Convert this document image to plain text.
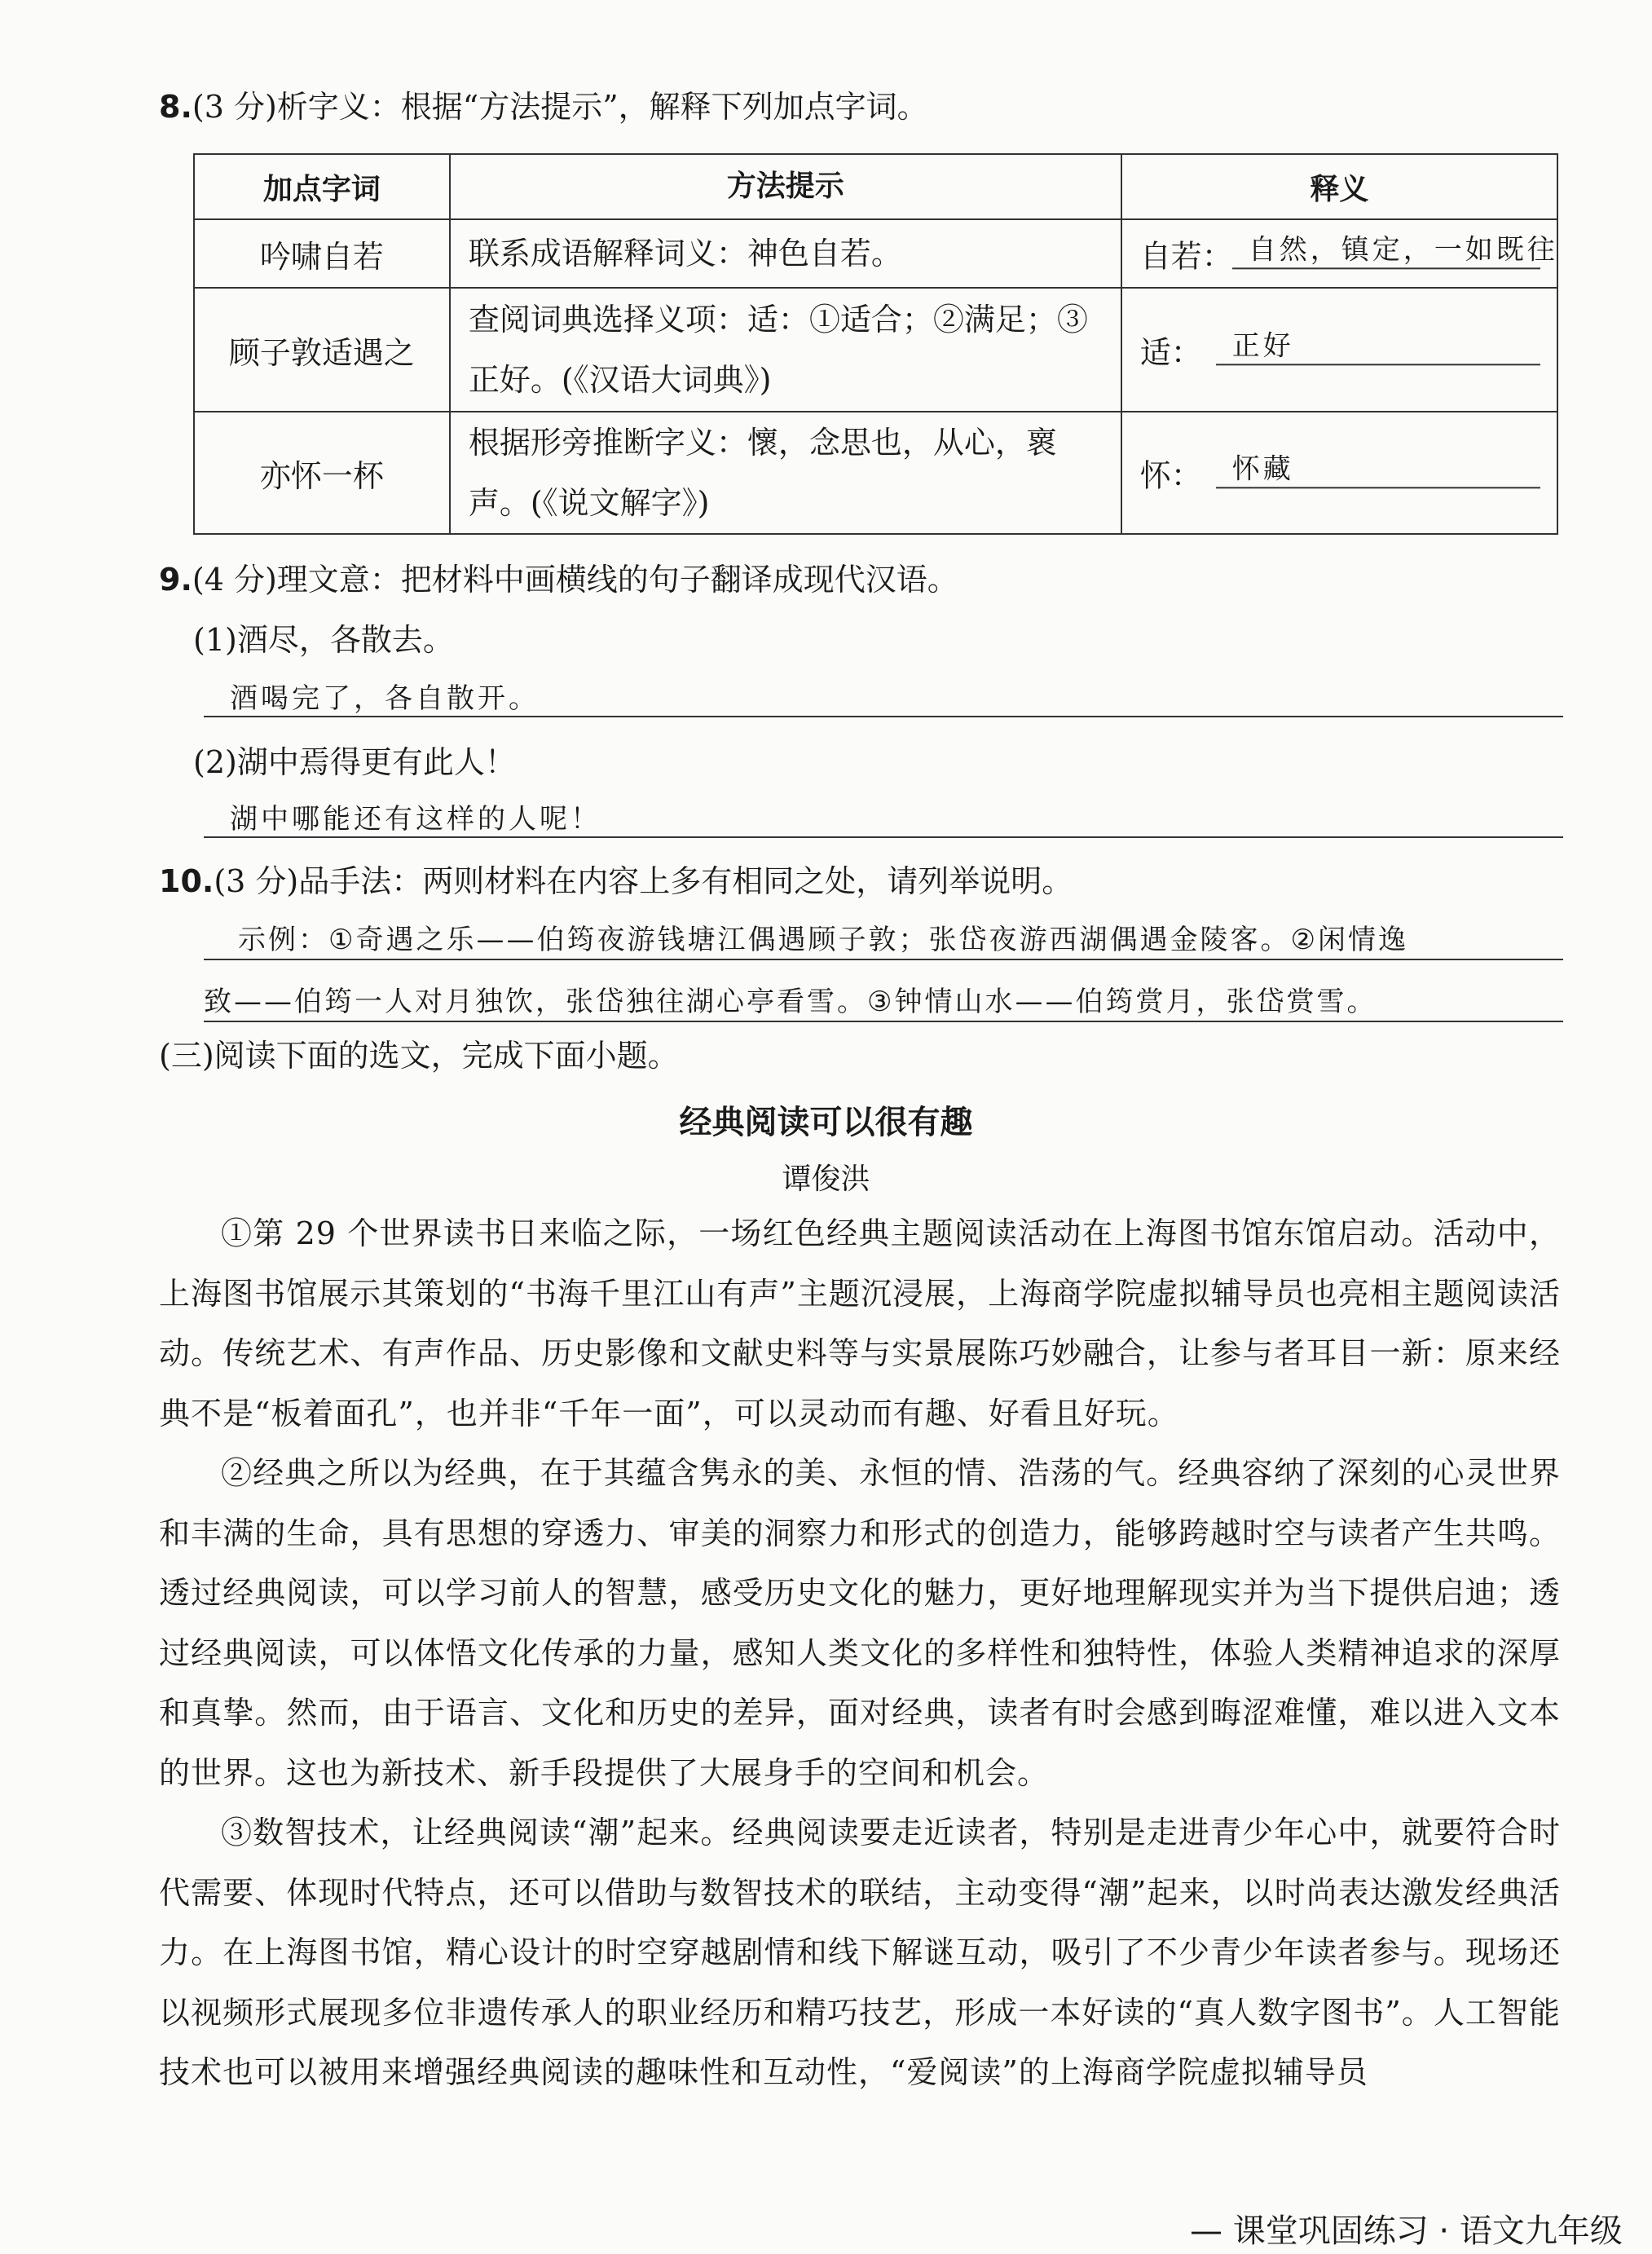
8.(3 分)析字义：根据“方法提示”，解释下列加点字词。
加点字词	方法提示	释义
吟啸自若	联系成语解释词义：神色自若。	自若： 自然，镇定，一如既往

顾子敦适遇之	查阅词典选择义项：适：①适合；②满足；③正好。(《汉语大词典》)	适： 正好

亦怀一杯	根据形旁推断字义：懷，念思也，从心，褱声。(《说文解字》)	怀： 怀藏
9.(4 分)理文意：把材料中画横线的句子翻译成现代汉语。
(1)酒尽，各散去。
酒喝完了，各自散开。
(2)湖中焉得更有此人！
湖中哪能还有这样的人呢！
10.(3 分)品手法：两则材料在内容上多有相同之处，请列举说明。
示例：①奇遇之乐——伯筠夜游钱塘江偶遇顾子敦；张岱夜游西湖偶遇金陵客。②闲情逸
致——伯筠一人对月独饮，张岱独往湖心亭看雪。③钟情山水——伯筠赏月，张岱赏雪。
(三)阅读下面的选文，完成下面小题。
经典阅读可以很有趣
谭俊洪

①第 29 个世界读书日来临之际，一场红色经典主题阅读活动在上海图书馆东馆启动。活动中，上海图书馆展示其策划的“书海千里江山有声”主题沉浸展，上海商学院虚拟辅导员也亮相主题阅读活动。传统艺术、有声作品、历史影像和文献史料等与实景展陈巧妙融合，让参与者耳目一新：原来经典不是“板着面孔”，也并非“千年一面”，可以灵动而有趣、好看且好玩。

②经典之所以为经典，在于其蕴含隽永的美、永恒的情、浩荡的气。经典容纳了深刻的心灵世界和丰满的生命，具有思想的穿透力、审美的洞察力和形式的创造力，能够跨越时空与读者产生共鸣。透过经典阅读，可以学习前人的智慧，感受历史文化的魅力，更好地理解现实并为当下提供启迪；透过经典阅读，可以体悟文化传承的力量，感知人类文化的多样性和独特性，体验人类精神追求的深厚和真挚。然而，由于语言、文化和历史的差异，面对经典，读者有时会感到晦涩难懂，难以进入文本的世界。这也为新技术、新手段提供了大展身手的空间和机会。

③数智技术，让经典阅读“潮”起来。经典阅读要走近读者，特别是走进青少年心中，就要符合时代需要、体现时代特点，还可以借助与数智技术的联结，主动变得“潮”起来，以时尚表达激发经典活力。在上海图书馆，精心设计的时空穿越剧情和线下解谜互动，吸引了不少青少年读者参与。现场还以视频形式展现多位非遗传承人的职业经历和精巧技艺，形成一本好读的“真人数字图书”。人工智能技术也可以被用来增强经典阅读的趣味性和互动性，“爱阅读”的上海商学院虚拟辅导员

— 课堂巩固练习 · 语文九年级
